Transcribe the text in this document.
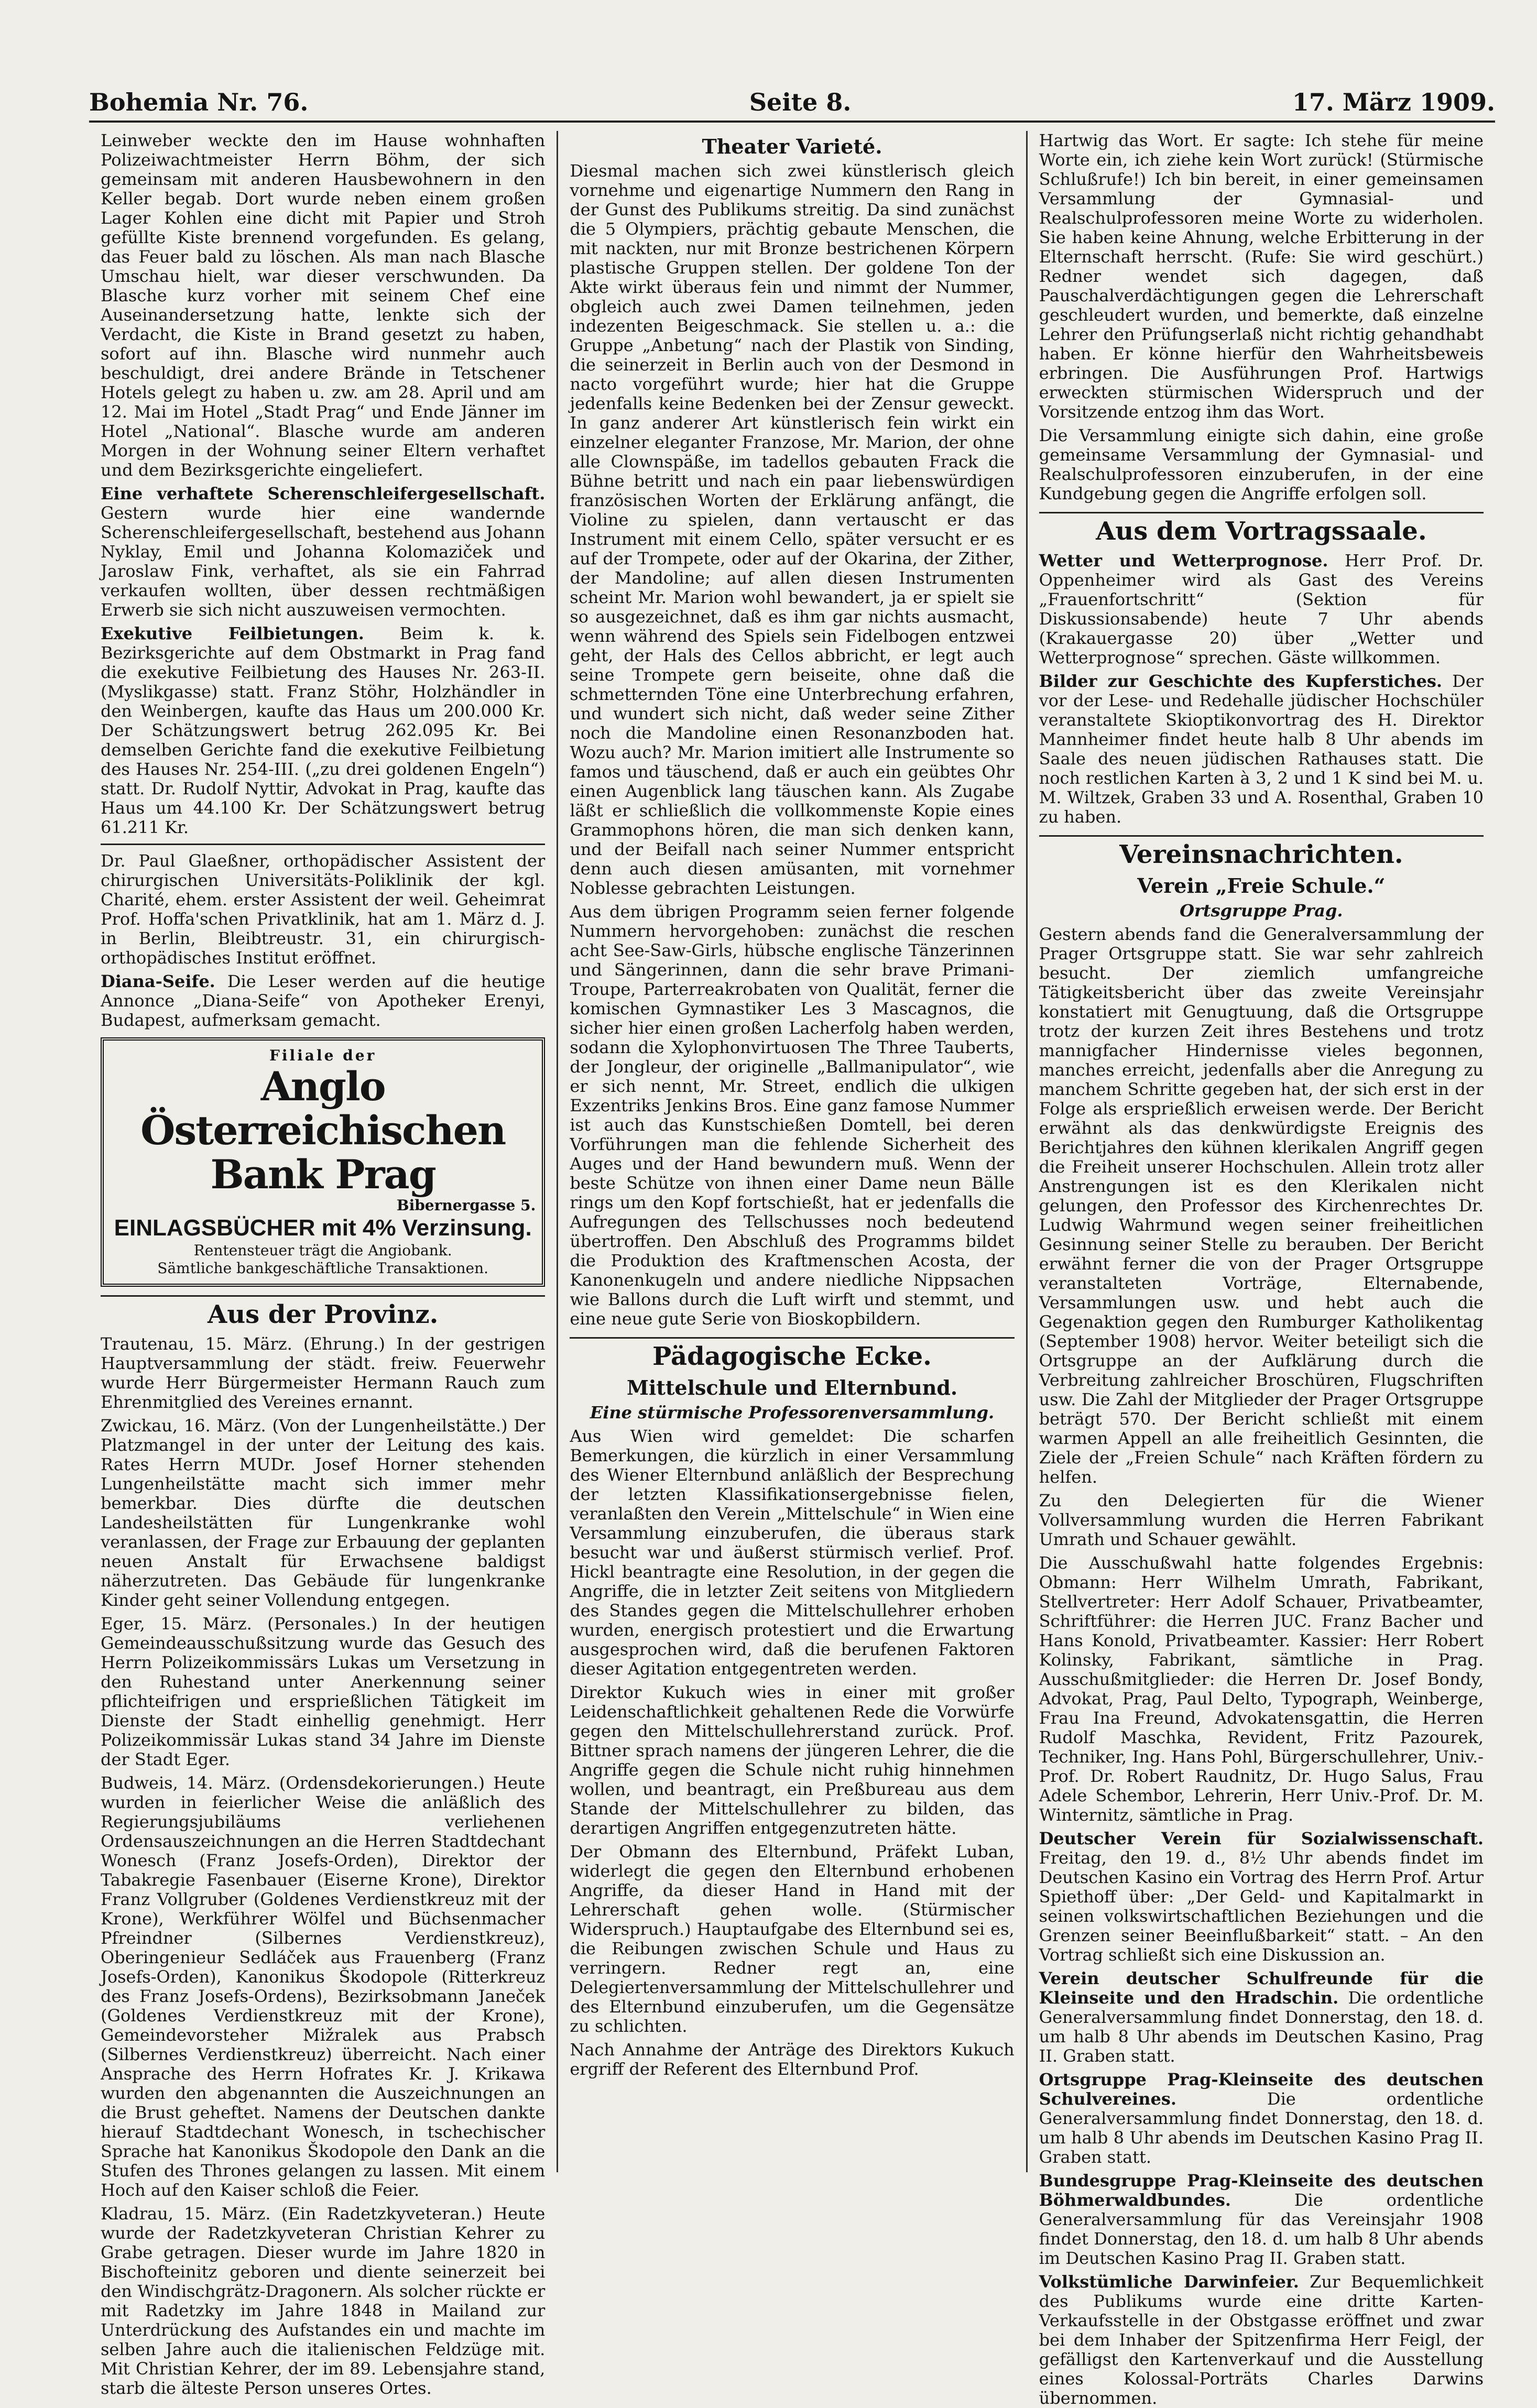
Bohemia Nr. 76.	Seite 8.	17. März 1909.

Leinweber weckte den im Hause wohnhaften Polizeiwachtmeister Herrn Böhm, der sich gemeinsam mit anderen Hausbewohnern in den Keller begab. Dort wurde neben einem großen Lager Kohlen eine dicht mit Papier und Stroh gefüllte Kiste brennend vorgefunden. Es gelang, das Feuer bald zu löschen. Als man nach Blasche Umschau hielt, war dieser verschwunden. Da Blasche kurz vorher mit seinem Chef eine Auseinandersetzung hatte, lenkte sich der Verdacht, die Kiste in Brand gesetzt zu haben, sofort auf ihn. Blasche wird nunmehr auch beschuldigt, drei andere Brände in Tetschener Hotels gelegt zu haben u. zw. am 28. April und am 12. Mai im Hotel „Stadt Prag“ und Ende Jänner im Hotel „National“. Blasche wurde am anderen Morgen in der Wohnung seiner Eltern verhaftet und dem Bezirksgerichte eingeliefert.

Eine verhaftete Scherenschleifergesellschaft. Gestern wurde hier eine wandernde Scherenschleifergesellschaft, bestehend aus Johann Nyklay, Emil und Johanna Kolomaziček und Jaroslaw Fink, verhaftet, als sie ein Fahrrad verkaufen wollten, über dessen rechtmäßigen Erwerb sie sich nicht auszuweisen vermochten.

Exekutive Feilbietungen. Beim k. k. Bezirksgerichte auf dem Obstmarkt in Prag fand die exekutive Feilbietung des Hauses Nr. 263-II. (Myslikgasse) statt. Franz Stöhr, Holzhändler in den Weinbergen, kaufte das Haus um 200.000 Kr. Der Schätzungswert betrug 262.095 Kr. Bei demselben Gerichte fand die exekutive Feilbietung des Hauses Nr. 254-III. („zu drei goldenen Engeln“) statt. Dr. Rudolf Nyttir, Advokat in Prag, kaufte das Haus um 44.100 Kr. Der Schätzungswert betrug 61.211 Kr.

Dr. Paul Glaeßner, orthopädischer Assistent der chirurgischen Universitäts-Poliklinik der kgl. Charité, ehem. erster Assistent der weil. Geheimrat Prof. Hoffa'schen Privatklinik, hat am 1. März d. J. in Berlin, Bleibtreustr. 31, ein chirurgisch-orthopädisches Institut eröffnet.

Diana-Seife. Die Leser werden auf die heutige Annonce „Diana-Seife“ von Apotheker Erenyi, Budapest, aufmerksam gemacht.

Filiale der
Anglo Österreichischen Bank Prag
Bibernergasse 5.
EINLAGSBÜCHER mit 4% Verzinsung.
Rentensteuer trägt die Angiobank.
Sämtliche bankgeschäftliche Transaktionen.
Aus der Provinz.

Trautenau, 15. März. (Ehrung.) In der gestrigen Hauptversammlung der städt. freiw. Feuerwehr wurde Herr Bürgermeister Hermann Rauch zum Ehrenmitglied des Vereines ernannt.

Zwickau, 16. März. (Von der Lungenheilstätte.) Der Platzmangel in der unter der Leitung des kais. Rates Herrn MUDr. Josef Horner stehenden Lungenheilstätte macht sich immer mehr bemerkbar. Dies dürfte die deutschen Landesheilstätten für Lungenkranke wohl veranlassen, der Frage zur Erbauung der geplanten neuen Anstalt für Erwachsene baldigst näherzutreten. Das Gebäude für lungenkranke Kinder geht seiner Vollendung entgegen.

Eger, 15. März. (Personales.) In der heutigen Gemeindeausschußsitzung wurde das Gesuch des Herrn Polizeikommissärs Lukas um Versetzung in den Ruhestand unter Anerkennung seiner pflichteifrigen und ersprießlichen Tätigkeit im Dienste der Stadt einhellig genehmigt. Herr Polizeikommissär Lukas stand 34 Jahre im Dienste der Stadt Eger.

Budweis, 14. März. (Ordensdekorierungen.) Heute wurden in feierlicher Weise die anläßlich des Regierungsjubiläums verliehenen Ordensauszeichnungen an die Herren Stadtdechant Wonesch (Franz Josefs-Orden), Direktor der Tabakregie Fasenbauer (Eiserne Krone), Direktor Franz Vollgruber (Goldenes Verdienstkreuz mit der Krone), Werkführer Wölfel und Büchsenmacher Pfreindner (Silbernes Verdienstkreuz), Oberingenieur Sedláček aus Frauenberg (Franz Josefs-Orden), Kanonikus Škodopole (Ritterkreuz des Franz Josefs-Ordens), Bezirksobmann Janeček (Goldenes Verdienstkreuz mit der Krone), Gemeindevorsteher Mižralek aus Prabsch (Silbernes Verdienstkreuz) überreicht. Nach einer Ansprache des Herrn Hofrates Kr. J. Krikawa wurden den abgenannten die Auszeichnungen an die Brust geheftet. Namens der Deutschen dankte hierauf Stadtdechant Wonesch, in tschechischer Sprache hat Kanonikus Škodopole den Dank an die Stufen des Thrones gelangen zu lassen. Mit einem Hoch auf den Kaiser schloß die Feier.

Kladrau, 15. März. (Ein Radetzkyveteran.) Heute wurde der Radetzkyveteran Christian Kehrer zu Grabe getragen. Dieser wurde im Jahre 1820 in Bischofteinitz geboren und diente seinerzeit bei den Windischgrätz-Dragonern. Als solcher rückte er mit Radetzky im Jahre 1848 in Mailand zur Unterdrückung des Aufstandes ein und machte im selben Jahre auch die italienischen Feldzüge mit. Mit Christian Kehrer, der im 89. Lebensjahre stand, starb die älteste Person unseres Ortes.

Theater Varieté.

Diesmal machen sich zwei künstlerisch gleich vornehme und eigenartige Nummern den Rang in der Gunst des Publikums streitig. Da sind zunächst die 5 Olympiers, prächtig gebaute Menschen, die mit nackten, nur mit Bronze bestrichenen Körpern plastische Gruppen stellen. Der goldene Ton der Akte wirkt überaus fein und nimmt der Nummer, obgleich auch zwei Damen teilnehmen, jeden indezenten Beigeschmack. Sie stellen u. a.: die Gruppe „Anbetung“ nach der Plastik von Sinding, die seinerzeit in Berlin auch von der Desmond in nacto vorgeführt wurde; hier hat die Gruppe jedenfalls keine Bedenken bei der Zensur geweckt. In ganz anderer Art künstlerisch fein wirkt ein einzelner eleganter Franzose, Mr. Marion, der ohne alle Clownspäße, im tadellos gebauten Frack die Bühne betritt und nach ein paar liebenswürdigen französischen Worten der Erklärung anfängt, die Violine zu spielen, dann vertauscht er das Instrument mit einem Cello, später versucht er es auf der Trompete, oder auf der Okarina, der Zither, der Mandoline; auf allen diesen Instrumenten scheint Mr. Marion wohl bewandert, ja er spielt sie so ausgezeichnet, daß es ihm gar nichts ausmacht, wenn während des Spiels sein Fidelbogen entzwei geht, der Hals des Cellos abbricht, er legt auch seine Trompete gern beiseite, ohne daß die schmetternden Töne eine Unterbrechung erfahren, und wundert sich nicht, daß weder seine Zither noch die Mandoline einen Resonanzboden hat. Wozu auch? Mr. Marion imitiert alle Instrumente so famos und täuschend, daß er auch ein geübtes Ohr einen Augenblick lang täuschen kann. Als Zugabe läßt er schließlich die vollkommenste Kopie eines Grammophons hören, die man sich denken kann, und der Beifall nach seiner Nummer entspricht denn auch diesen amüsanten, mit vornehmer Noblesse gebrachten Leistungen.

Aus dem übrigen Programm seien ferner folgende Nummern hervorgehoben: zunächst die reschen acht See-Saw-Girls, hübsche englische Tänzerinnen und Sängerinnen, dann die sehr brave Primani-Troupe, Parterreakrobaten von Qualität, ferner die komischen Gymnastiker Les 3 Mascagnos, die sicher hier einen großen Lacherfolg haben werden, sodann die Xylophonvirtuosen The Three Tauberts, der Jongleur, der originelle „Ballmanipulator“, wie er sich nennt, Mr. Street, endlich die ulkigen Exzentriks Jenkins Bros. Eine ganz famose Nummer ist auch das Kunstschießen Domtell, bei deren Vorführungen man die fehlende Sicherheit des Auges und der Hand bewundern muß. Wenn der beste Schütze von ihnen einer Dame neun Bälle rings um den Kopf fortschießt, hat er jedenfalls die Aufregungen des Tellschusses noch bedeutend übertroffen. Den Abschluß des Programms bildet die Produktion des Kraftmenschen Acosta, der Kanonenkugeln und andere niedliche Nippsachen wie Ballons durch die Luft wirft und stemmt, und eine neue gute Serie von Bioskopbildern.

Pädagogische Ecke.
Mittelschule und Elternbund.
Eine stürmische Professorenversammlung.

Aus Wien wird gemeldet: Die scharfen Bemerkungen, die kürzlich in einer Versammlung des Wiener Elternbund anläßlich der Besprechung der letzten Klassifikationsergebnisse fielen, veranlaßten den Verein „Mittelschule“ in Wien eine Versammlung einzuberufen, die überaus stark besucht war und äußerst stürmisch verlief. Prof. Hickl beantragte eine Resolution, in der gegen die Angriffe, die in letzter Zeit seitens von Mitgliedern des Standes gegen die Mittelschullehrer erhoben wurden, energisch protestiert und die Erwartung ausgesprochen wird, daß die berufenen Faktoren dieser Agitation entgegentreten werden.

Direktor Kukuch wies in einer mit großer Leidenschaftlichkeit gehaltenen Rede die Vorwürfe gegen den Mittelschullehrerstand zurück. Prof. Bittner sprach namens der jüngeren Lehrer, die die Angriffe gegen die Schule nicht ruhig hinnehmen wollen, und beantragt, ein Preßbureau aus dem Stande der Mittelschullehrer zu bilden, das derartigen Angriffen entgegenzutreten hätte.

Der Obmann des Elternbund, Präfekt Luban, widerlegt die gegen den Elternbund erhobenen Angriffe, da dieser Hand in Hand mit der Lehrerschaft gehen wolle. (Stürmischer Widerspruch.) Hauptaufgabe des Elternbund sei es, die Reibungen zwischen Schule und Haus zu verringern. Redner regt an, eine Delegiertenversammlung der Mittelschullehrer und des Elternbund einzuberufen, um die Gegensätze zu schlichten.

Nach Annahme der Anträge des Direktors Kukuch ergriff der Referent des Elternbund Prof.

Hartwig das Wort. Er sagte: Ich stehe für meine Worte ein, ich ziehe kein Wort zurück! (Stürmische Schlußrufe!) Ich bin bereit, in einer gemeinsamen Versammlung der Gymnasial- und Realschulprofessoren meine Worte zu widerholen. Sie haben keine Ahnung, welche Erbitterung in der Elternschaft herrscht. (Rufe: Sie wird geschürt.) Redner wendet sich dagegen, daß Pauschalverdächtigungen gegen die Lehrerschaft geschleudert wurden, und bemerkte, daß einzelne Lehrer den Prüfungserlaß nicht richtig gehandhabt haben. Er könne hierfür den Wahrheitsbeweis erbringen. Die Ausführungen Prof. Hartwigs erweckten stürmischen Widerspruch und der Vorsitzende entzog ihm das Wort.

Die Versammlung einigte sich dahin, eine große gemeinsame Versammlung der Gymnasial- und Realschulprofessoren einzuberufen, in der eine Kundgebung gegen die Angriffe erfolgen soll.

Aus dem Vortragssaale.

Wetter und Wetterprognose. Herr Prof. Dr. Oppenheimer wird als Gast des Vereins „Frauenfortschritt“ (Sektion für Diskussionsabende) heute 7 Uhr abends (Krakauergasse 20) über „Wetter und Wetterprognose“ sprechen. Gäste willkommen.

Bilder zur Geschichte des Kupferstiches. Der vor der Lese- und Redehalle jüdischer Hochschüler veranstaltete Skioptikonvortrag des H. Direktor Mannheimer findet heute halb 8 Uhr abends im Saale des neuen jüdischen Rathauses statt. Die noch restlichen Karten à 3, 2 und 1 K sind bei M. u. M. Wiltzek, Graben 33 und A. Rosenthal, Graben 10 zu haben.

Vereinsnachrichten.
Verein „Freie Schule.“
Ortsgruppe Prag.

Gestern abends fand die Generalversammlung der Prager Ortsgruppe statt. Sie war sehr zahlreich besucht. Der ziemlich umfangreiche Tätigkeitsbericht über das zweite Vereinsjahr konstatiert mit Genugtuung, daß die Ortsgruppe trotz der kurzen Zeit ihres Bestehens und trotz mannigfacher Hindernisse vieles begonnen, manches erreicht, jedenfalls aber die Anregung zu manchem Schritte gegeben hat, der sich erst in der Folge als ersprießlich erweisen werde. Der Bericht erwähnt als das denkwürdigste Ereignis des Berichtjahres den kühnen klerikalen Angriff gegen die Freiheit unserer Hochschulen. Allein trotz aller Anstrengungen ist es den Klerikalen nicht gelungen, den Professor des Kirchenrechtes Dr. Ludwig Wahrmund wegen seiner freiheitlichen Gesinnung seiner Stelle zu berauben. Der Bericht erwähnt ferner die von der Prager Ortsgruppe veranstalteten Vorträge, Elternabende, Versammlungen usw. und hebt auch die Gegenaktion gegen den Rumburger Katholikentag (September 1908) hervor. Weiter beteiligt sich die Ortsgruppe an der Aufklärung durch die Verbreitung zahlreicher Broschüren, Flugschriften usw. Die Zahl der Mitglieder der Prager Ortsgruppe beträgt 570. Der Bericht schließt mit einem warmen Appell an alle freiheitlich Gesinnten, die Ziele der „Freien Schule“ nach Kräften fördern zu helfen.

Zu den Delegierten für die Wiener Vollversammlung wurden die Herren Fabrikant Umrath und Schauer gewählt.

Die Ausschußwahl hatte folgendes Ergebnis: Obmann: Herr Wilhelm Umrath, Fabrikant, Stellvertreter: Herr Adolf Schauer, Privatbeamter, Schriftführer: die Herren JUC. Franz Bacher und Hans Konold, Privatbeamter. Kassier: Herr Robert Kolinsky, Fabrikant, sämtliche in Prag. Ausschußmitglieder: die Herren Dr. Josef Bondy, Advokat, Prag, Paul Delto, Typograph, Weinberge, Frau Ina Freund, Advokatensgattin, die Herren Rudolf Maschka, Revident, Fritz Pazourek, Techniker, Ing. Hans Pohl, Bürgerschullehrer, Univ.-Prof. Dr. Robert Raudnitz, Dr. Hugo Salus, Frau Adele Schembor, Lehrerin, Herr Univ.-Prof. Dr. M. Winternitz, sämtliche in Prag.

Deutscher Verein für Sozialwissenschaft. Freitag, den 19. d., 8½ Uhr abends findet im Deutschen Kasino ein Vortrag des Herrn Prof. Artur Spiethoff über: „Der Geld- und Kapitalmarkt in seinen volkswirtschaftlichen Beziehungen und die Grenzen seiner Beeinflußbarkeit“ statt. – An den Vortrag schließt sich eine Diskussion an.

Verein deutscher Schulfreunde für die Kleinseite und den Hradschin. Die ordentliche Generalversammlung findet Donnerstag, den 18. d. um halb 8 Uhr abends im Deutschen Kasino, Prag II. Graben statt.

Ortsgruppe Prag-Kleinseite des deutschen Schulvereines.	Die ordentliche Generalversammlung findet Donnerstag, den 18. d. um halb 8 Uhr abends im Deutschen Kasino Prag II. Graben statt.

Bundesgruppe Prag-Kleinseite des deutschen Böhmerwaldbundes.	Die ordentliche Generalversammlung für das Vereinsjahr 1908 findet Donnerstag, den 18. d. um halb 8 Uhr abends im Deutschen Kasino Prag II. Graben statt.

Volkstümliche Darwinfeier. Zur Bequemlichkeit des Publikums wurde eine dritte Karten-Verkaufsstelle in der Obstgasse eröffnet und zwar bei dem Inhaber der Spitzenfirma Herr Feigl, der gefälligst den Kartenverkauf und die Ausstellung eines Kolossal-Porträts Charles Darwins übernommen.
